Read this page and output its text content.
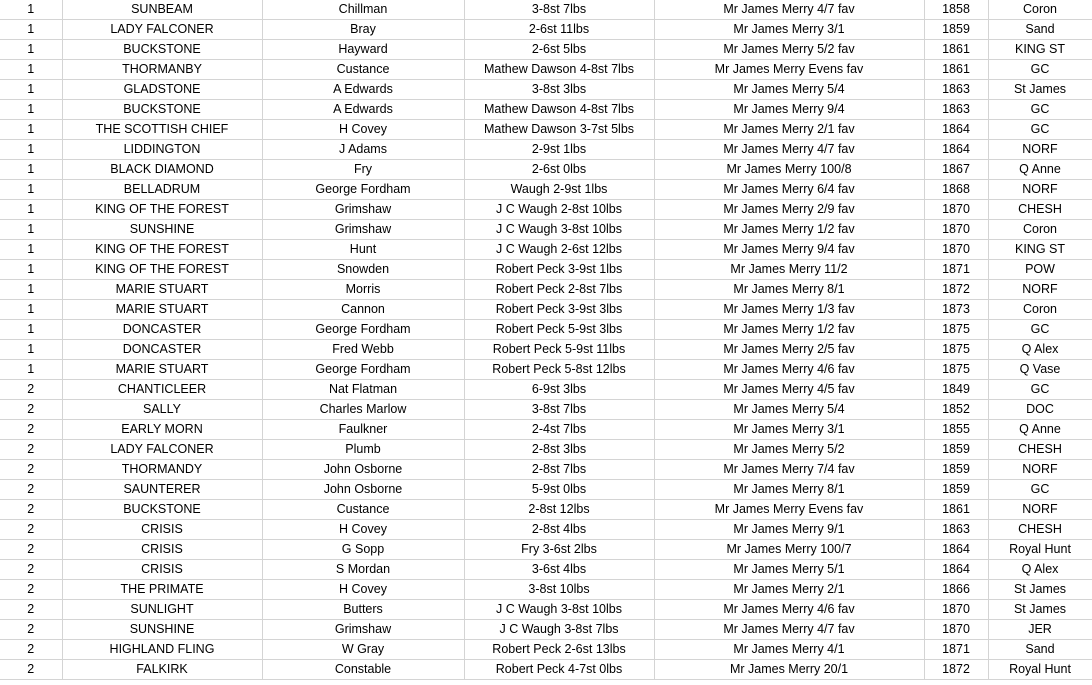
1	SUNBEAM	Chillman	3-8st 7lbs	Mr James Merry 4/7 fav	1858	Coron
1	LADY FALCONER	Bray	2-6st 11lbs	Mr James Merry 3/1	1859	Sand
1	BUCKSTONE	Hayward	2-6st 5lbs	Mr James Merry 5/2 fav	1861	KING ST
1	THORMANBY	Custance	Mathew Dawson 4-8st 7lbs	Mr James Merry Evens fav	1861	GC
1	GLADSTONE	A Edwards	3-8st 3lbs	Mr James Merry 5/4	1863	St James
1	BUCKSTONE	A Edwards	Mathew Dawson 4-8st 7lbs	Mr James Merry 9/4	1863	GC
1	THE SCOTTISH CHIEF	H Covey	Mathew Dawson 3-7st 5lbs	Mr James Merry 2/1 fav	1864	GC
1	LIDDINGTON	J Adams	2-9st 1lbs	Mr James Merry 4/7 fav	1864	NORF
1	BLACK DIAMOND	Fry	2-6st 0lbs	Mr James Merry 100/8	1867	Q Anne
1	BELLADRUM	George Fordham	Waugh 2-9st 1lbs	Mr James Merry 6/4 fav	1868	NORF
1	KING OF THE FOREST	Grimshaw	J C Waugh 2-8st 10lbs	Mr James Merry 2/9 fav	1870	CHESH
1	SUNSHINE	Grimshaw	J C Waugh 3-8st 10lbs	Mr James Merry 1/2 fav	1870	Coron
1	KING OF THE FOREST	Hunt	J C Waugh 2-6st 12lbs	Mr James Merry 9/4 fav	1870	KING ST
1	KING OF THE FOREST	Snowden	Robert Peck 3-9st 1lbs	Mr James Merry 11/2	1871	POW
1	MARIE STUART	Morris	Robert Peck 2-8st 7lbs	Mr James Merry 8/1	1872	NORF
1	MARIE STUART	Cannon	Robert Peck 3-9st 3lbs	Mr James Merry 1/3 fav	1873	Coron
1	DONCASTER	George Fordham	Robert Peck 5-9st 3lbs	Mr James Merry 1/2 fav	1875	GC
1	DONCASTER	Fred Webb	Robert Peck 5-9st 11lbs	Mr James Merry 2/5 fav	1875	Q Alex
1	MARIE STUART	George Fordham	Robert Peck 5-8st 12lbs	Mr James Merry 4/6 fav	1875	Q Vase
2	CHANTICLEER	Nat Flatman	6-9st 3lbs	Mr James Merry 4/5 fav	1849	GC
2	SALLY	Charles Marlow	3-8st 7lbs	Mr James Merry 5/4	1852	DOC
2	EARLY MORN	Faulkner	2-4st 7lbs	Mr James Merry 3/1	1855	Q Anne
2	LADY FALCONER	Plumb	2-8st 3lbs	Mr James Merry 5/2	1859	CHESH
2	THORMANDY	John Osborne	2-8st 7lbs	Mr James Merry 7/4 fav	1859	NORF
2	SAUNTERER	John Osborne	5-9st 0lbs	Mr James Merry 8/1	1859	GC
2	BUCKSTONE	Custance	2-8st 12lbs	Mr James Merry Evens fav	1861	NORF
2	CRISIS	H Covey	2-8st 4lbs	Mr James Merry 9/1	1863	CHESH
2	CRISIS	G Sopp	Fry 3-6st 2lbs	Mr James Merry 100/7	1864	Royal Hunt
2	CRISIS	S Mordan	3-6st 4lbs	Mr James Merry 5/1	1864	Q Alex
2	THE PRIMATE	H Covey	3-8st 10lbs	Mr James Merry 2/1	1866	St James
2	SUNLIGHT	Butters	J C Waugh 3-8st 10lbs	Mr James Merry 4/6 fav	1870	St James
2	SUNSHINE	Grimshaw	J C Waugh 3-8st 7lbs	Mr James Merry 4/7 fav	1870	JER
2	HIGHLAND FLING	W Gray	Robert Peck 2-6st 13lbs	Mr James Merry 4/1	1871	Sand
2	FALKIRK	Constable	Robert Peck 4-7st 0lbs	Mr James Merry 20/1	1872	Royal Hunt
